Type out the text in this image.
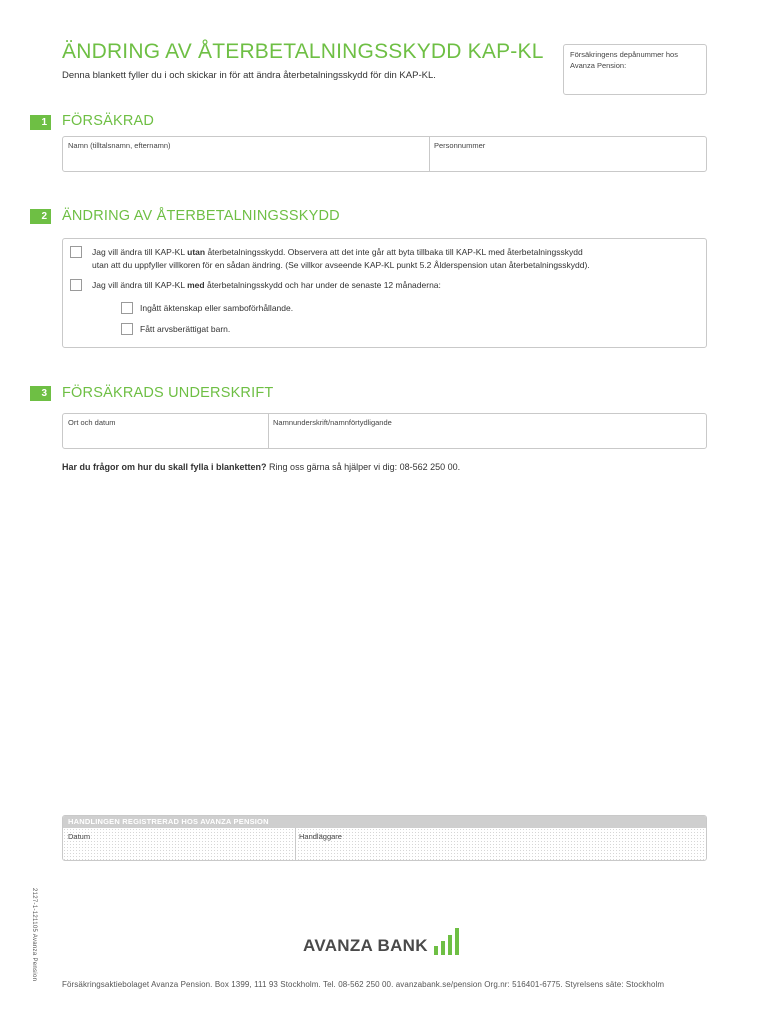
ÄNDRING AV ÅTERBETALNINGSSKYDD KAP-KL
Denna blankett fyller du i och skickar in för att ändra återbetalningsskydd för din KAP-KL.
Försäkringens depånummer hos Avanza Pension:
1 FÖRSÄKRAD
Namn (tilltalsnamn, efternamn)	Personnummer
2 ÄNDRING AV ÅTERBETALNINGSSKYDD
Jag vill ändra till KAP-KL utan återbetalningsskydd. Observera att det inte går att byta tillbaka till KAP-KL med återbetalningsskydd
utan att du uppfyller villkoren för en sådan ändring. (Se villkor avseende KAP-KL punkt 5.2 Ålderspension utan återbetalningsskydd).
Jag vill ändra till KAP-KL med återbetalningsskydd och har under de senaste 12 månaderna:
Ingått äktenskap eller samboförhållande.
Fått arvsberättigat barn.
3 FÖRSÄKRADS UNDERSKRIFT
Ort och datum	Namnunderskrift/namnförtydligande
Har du frågor om hur du skall fylla i blanketten? Ring oss gärna så hjälper vi dig: 08-562 250 00.
HANDLINGEN REGISTRERAD HOS AVANZA PENSION
Datum	Handläggare
2127-1-121105 Avanza Pension	AVANZA BANK
Försäkringsaktiebolaget Avanza Pension. Box 1399, 111 93 Stockholm. Tel. 08-562 250 00. avanzabank.se/pension Org.nr: 516401-6775. Styrelsens säte: Stockholm
